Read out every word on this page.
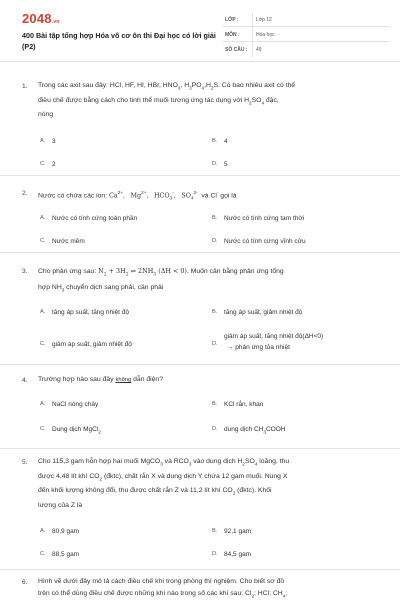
2048.vn
400 Bài tập tổng hợp Hóa vô cơ ôn thi Đại học có lời giải (P2)
LỚP :	Lớp 12
MÔN :	Hóa học
SỐ CÂU : 49
1. Trong các axit sau đây: HCl, HF, HI, HBr, $HNO_3$, $H_3PO_4,H_2S$. Có bao nhiêu axit có thể
điều chế được bằng cách cho tinh thể muối tương ứng tác dụng với $H_2SO_4$ đặc,
nóng
A. 3	B. 4
C. 2	D. 5
2. Nước có chứa các ion: $Ca^{2+}$, $Mg^{2+}$, $HCO_3^-$, $SO_4^{2-}$ và Cl- gọi là
A. Nước có tính cứng toàn phần	B. Nước có tính cứng tạm thời
C. Nước mềm	D. Nước có tính cứng vĩnh cửu
3. Cho phản ứng sau: $N_2 + 3H_2$ ⇌ $2NH_3$ (ΔH < 0). Muốn cân bằng phản ứng tổng
hợp $NH_3$ chuyển dịch sang phải, cần phải
A. tăng áp suất, tăng nhiệt độ	B. tăng áp suất, giảm nhiệt độ
C. giảm áp suất, giảm nhiệt độ	D.
giảm áp suất, tăng nhiệt độ(ΔH<0)
→ phản ứng tỏa nhiệt
4. Trường hợp nào sau đây không dẫn điện?
A. NaCl nóng chảy	B. KCl rắn, khan
C. Dung dịch MgCl$_2$	D. dung dịch $CH_3COOH$
5. Cho 115,3 gam hỗn hợp hai muối MgCO$_3$ và $RCO_3$ vào dung dịch $H_2SO_4$ loãng, thu
được 4,48 lít khí $CO_2$ (đktc), chất rắn X và dung dịch Y chứa 12 gam muối. Nung X
đến khối lượng không đổi, thu được chất rắn Z và 11,2 lít khí $CO_2$ (đktc). Khối
lượng của Z là
A. 80,9 gam	B. 92,1 gam
C. 88,5 gam	D. 84,5 gam
6. Hình vẽ dưới đây mô tả cách điều chế khí trong phòng thí nghiệm. Cho biết sơ đồ
trên có thể dùng điều chế được những khí nào trong số các khí sau: $Cl_2$; HCl; $CH_4$;
